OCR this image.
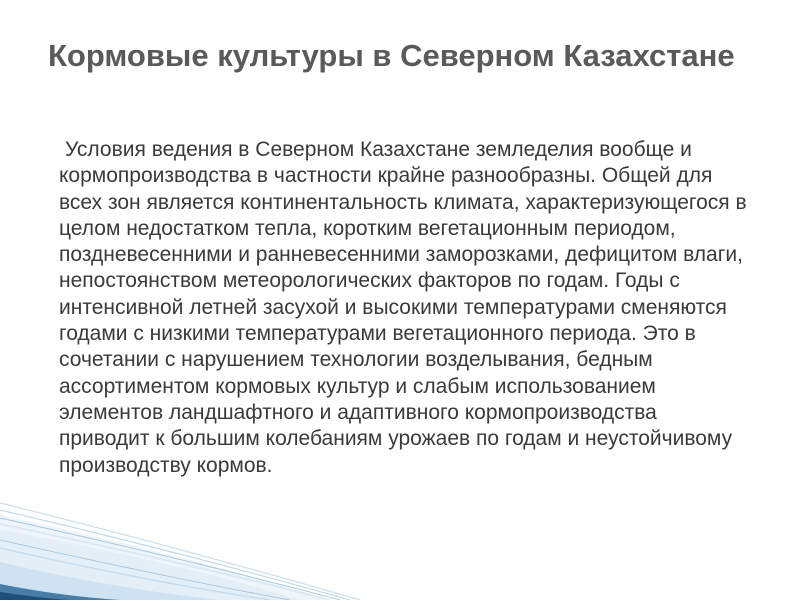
Кормовые культуры в Северном Казахстане

Условия ведения в Северном Казахстане земледелия вообще и кормопроизводства в частности крайне разнообразны. Общей для всех зон является континентальность климата, характеризующегося в целом недостатком тепла, коротким вегетационным периодом, поздневесенними и ранневесенними заморозками, дефицитом влаги, непостоянством метеорологических факторов по годам. Годы с интенсивной летней засухой и высокими температурами сменяются годами с низкими температурами вегетационного периода. Это в сочетании с нарушением технологии возделывания, бедным ассортиментом кормовых культур и слабым использованием элементов ландшафтного и адаптивного кормопроизводства приводит к большим колебаниям урожаев по годам и неустойчивому производству кормов.
